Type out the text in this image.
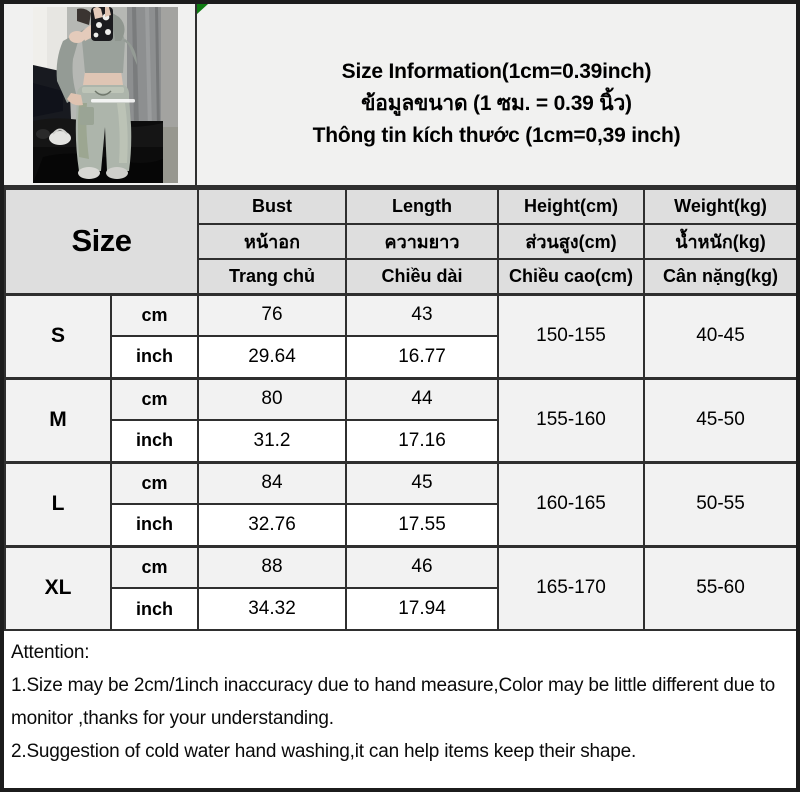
Size Information(1cm=0.39inch)
ข้อมูลขนาด (1 ซม. = 0.39 นิ้ว)
Thông tin kích thước (1cm=0,39 inch)
Size		Bust	Length	Height(cm)	Weight(kg)
		หน้าอก	ความยาว	ส่วนสูง(cm)	น้ำหนัก(kg)
		Trang chủ	Chiều dài	Chiều cao(cm)	Cân nặng(kg)
S	cm	76	43	150-155	40-45
	inch	29.64	16.77		
M	cm	80	44	155-160	45-50
	inch	31.2	17.16		
L	cm	84	45	160-165	50-55
	inch	32.76	17.55		
XL	cm	88	46	165-170	55-60
	inch	34.32	17.94		
Attention:
1.Size may be 2cm/1inch inaccuracy due to hand measure,Color may be little different due to monitor ,thanks for your understanding.
2.Suggestion of cold water hand washing,it can help items keep their shape.
